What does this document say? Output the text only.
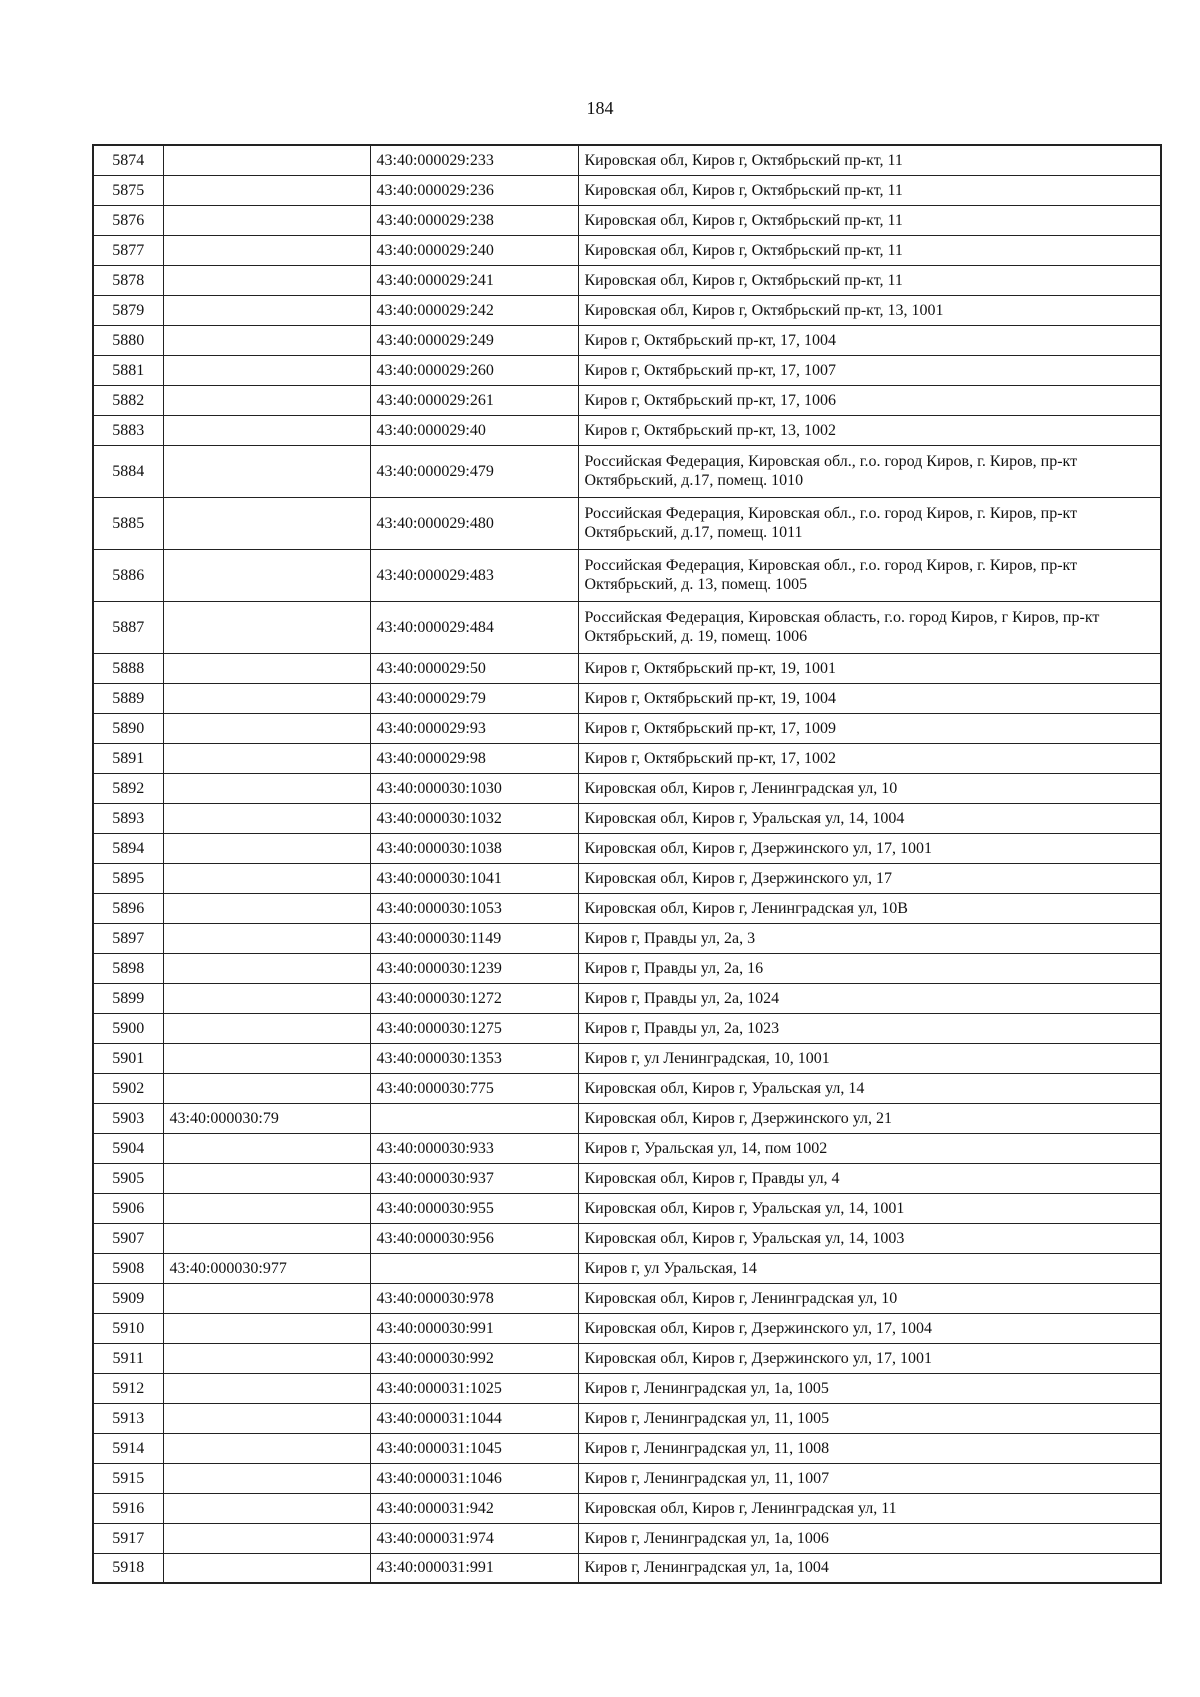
184
5874		43:40:000029:233	Кировская обл, Киров г, Октябрьский пр-кт, 11
5875		43:40:000029:236	Кировская обл, Киров г, Октябрьский пр-кт, 11
5876		43:40:000029:238	Кировская обл, Киров г, Октябрьский пр-кт, 11
5877		43:40:000029:240	Кировская обл, Киров г, Октябрьский пр-кт, 11
5878		43:40:000029:241	Кировская обл, Киров г, Октябрьский пр-кт, 11
5879		43:40:000029:242	Кировская обл, Киров г, Октябрьский пр-кт, 13, 1001
5880		43:40:000029:249	Киров г, Октябрьский пр-кт, 17, 1004
5881		43:40:000029:260	Киров г, Октябрьский пр-кт, 17, 1007
5882		43:40:000029:261	Киров г, Октябрьский пр-кт, 17, 1006
5883		43:40:000029:40	Киров г, Октябрьский пр-кт, 13, 1002
5884		43:40:000029:479	Российская Федерация, Кировская обл., г.о. город Киров, г. Киров, пр-кт Октябрьский, д.17, помещ. 1010
5885		43:40:000029:480	Российская Федерация, Кировская обл., г.о. город Киров, г. Киров, пр-кт Октябрьский, д.17, помещ. 1011
5886		43:40:000029:483	Российская Федерация, Кировская обл., г.о. город Киров, г. Киров, пр-кт Октябрьский, д. 13, помещ. 1005
5887		43:40:000029:484	Российская Федерация, Кировская область, г.о. город Киров, г Киров, пр-кт Октябрьский, д. 19, помещ. 1006
5888		43:40:000029:50	Киров г, Октябрьский пр-кт, 19, 1001
5889		43:40:000029:79	Киров г, Октябрьский пр-кт, 19, 1004
5890		43:40:000029:93	Киров г, Октябрьский пр-кт, 17, 1009
5891		43:40:000029:98	Киров г, Октябрьский пр-кт, 17, 1002
5892		43:40:000030:1030	Кировская обл, Киров г, Ленинградская ул, 10
5893		43:40:000030:1032	Кировская обл, Киров г, Уральская ул, 14, 1004
5894		43:40:000030:1038	Кировская обл, Киров г, Дзержинского ул, 17, 1001
5895		43:40:000030:1041	Кировская обл, Киров г, Дзержинского ул, 17
5896		43:40:000030:1053	Кировская обл, Киров г, Ленинградская ул, 10В
5897		43:40:000030:1149	Киров г, Правды ул, 2а, 3
5898		43:40:000030:1239	Киров г, Правды ул, 2а, 16
5899		43:40:000030:1272	Киров г, Правды ул, 2а, 1024
5900		43:40:000030:1275	Киров г, Правды ул, 2а, 1023
5901		43:40:000030:1353	Киров г, ул Ленинградская, 10, 1001
5902		43:40:000030:775	Кировская обл, Киров г, Уральская ул, 14
5903	43:40:000030:79		Кировская обл, Киров г, Дзержинского ул, 21
5904		43:40:000030:933	Киров г, Уральская ул, 14, пом 1002
5905		43:40:000030:937	Кировская обл, Киров г, Правды ул, 4
5906		43:40:000030:955	Кировская обл, Киров г, Уральская ул, 14, 1001
5907		43:40:000030:956	Кировская обл, Киров г, Уральская ул, 14, 1003
5908	43:40:000030:977		Киров г, ул Уральская, 14
5909		43:40:000030:978	Кировская обл, Киров г, Ленинградская ул, 10
5910		43:40:000030:991	Кировская обл, Киров г, Дзержинского ул, 17, 1004
5911		43:40:000030:992	Кировская обл, Киров г, Дзержинского ул, 17, 1001
5912		43:40:000031:1025	Киров г, Ленинградская ул, 1а, 1005
5913		43:40:000031:1044	Киров г, Ленинградская ул, 11, 1005
5914		43:40:000031:1045	Киров г, Ленинградская ул, 11, 1008
5915		43:40:000031:1046	Киров г, Ленинградская ул, 11, 1007
5916		43:40:000031:942	Кировская обл, Киров г, Ленинградская ул, 11
5917		43:40:000031:974	Киров г, Ленинградская ул, 1а, 1006
5918		43:40:000031:991	Киров г, Ленинградская ул, 1а, 1004
